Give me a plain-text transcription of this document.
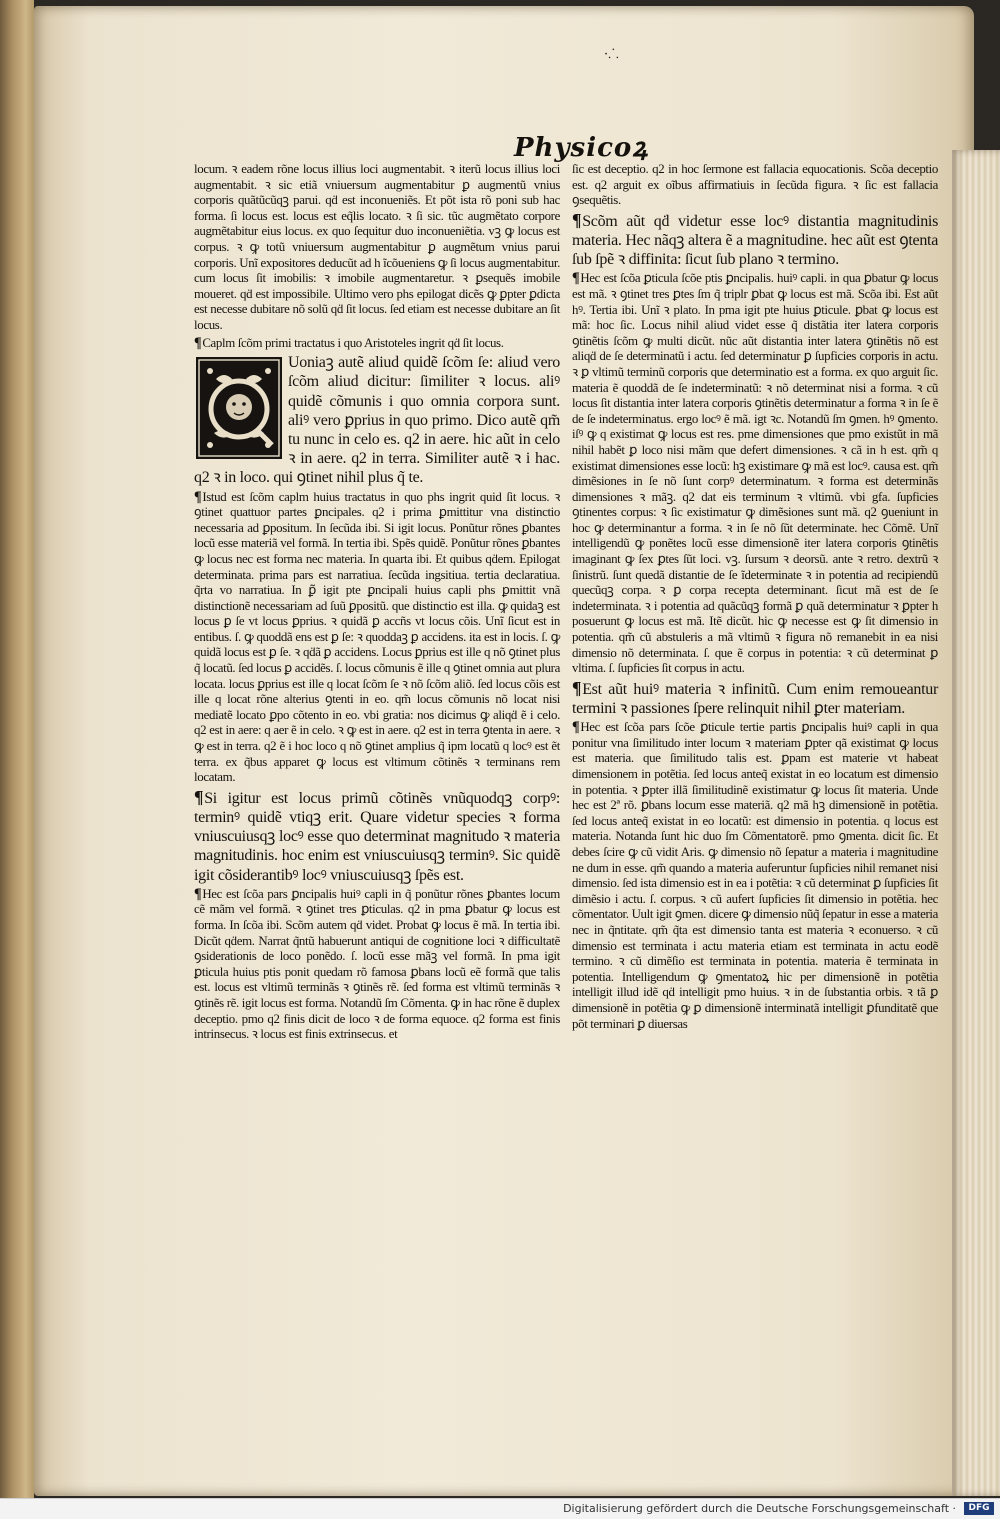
·⸫
Physicoꝝ

locum. ꝛ eadem rõne locus illius loci augmentabit. ꝛ iterũ locus illius loci augmentabit. ꝛ sic etiã vniuersum augmentabitur ꝑ augmentũ vnius corporis quãtũcũqꝫ parui. qḋ est inconueniẽs. Et põt ista rõ poni sub hac forma. ſi locus est. locus est eq̃lis locato. ꝛ ſi sic. tũc augmẽtato corpore augmẽtabitur eius locus. ex quo ſequitur duo inconueniẽtia. vꝫ ꝙ locus est corpus. ꝛ ꝙ totũ vniuersum augmentabitur ꝑ augmẽtum vnius parui corporis. Unĩ expositores deducũt ad h ĩcõueniens ꝙ ſi locus augmentabitur. cum locus ſit imobilis: ꝛ imobile augmentaretur. ꝛ ꝑsequẽs imobile moueret. qḋ est impossibile. Ultimo vero phs epilogat dicẽs ꝙ ꝑpter ꝑdicta est necesse dubitare nõ solũ qḋ ſit locus. ſed etiam est necesse dubitare an ſit locus.

¶Caplm ſcõm primi tractatus i quo Aristoteles ingrit qḋ ſit locus.

Uoniaꝫ autẽ aliud quidẽ ſcõm ſe: aliud vero ſcõm aliud dicitur: ſimiliter ꝛ locus. aliꝰ quidẽ cõmunis i quo omnia corpora sunt. aliꝰ vero ꝑprius in quo primo. Dico autẽ qm̃ tu nunc in celo es. q2 in aere. hic aũt in celo ꝛ in aere. q2 in terra. Similiter autẽ ꝛ i hac. q2 ꝛ in loco. qui ꝯtinet nihil plus q̃ te.

¶Istud est ſcõm caplm huius tractatus in quo phs ingrit quid ſit locus. ꝛ ꝯtinet quattuor partes ꝑncipales. q2 i prima ꝑmittitur vna distinctio necessaria ad ꝑpositum. In ſecũda ibi. Si igit locus. Ponũtur rõnes ꝑbantes locũ esse materiã vel formã. In tertia ibi. Spẽs quidẽ. Ponũtur rõnes ꝑbantes ꝙ locus nec est forma nec materia. In quarta ibi. Et quibus qḋem. Epilogat determinata. prima pars est narratiua. ſecũda ingsitiua. tertia declaratiua. q̃rta vo narratiua. In ꝑ̃ igit pte ꝑncipali huius capli phs ꝑmittit vnã distinctionẽ necessariam ad ſuũ ꝑpositũ. que distinctio est illa. ꝙ quidaꝫ est locus ꝑ ſe vt locus ꝑprius. ꝛ quidã ꝑ accñs vt locus cõis. Unĩ ſicut est in entibus. ſ. ꝙ quoddã ens est ꝑ ſe: ꝛ quoddaꝫ ꝑ accidens. ita est in locis. ſ. ꝙ quidã locus est ꝑ ſe. ꝛ qḋã ꝑ accidens. Locus ꝑprius est ille q nõ ꝯtinet plus q̃ locatũ. ſed locus ꝑ accidẽs. ſ. locus cõmunis ẽ ille q ꝯtinet omnia aut plura locata. locus ꝑprius est ille q locat ſcõm ſe ꝛ nõ ſcõm aliõ. ſed locus cõis est ille q locat rõne alterius ꝯtenti in eo. qm̃ locus cõmunis nõ locat nisi mediatẽ locato ꝑpo cõtento in eo. vbi gratia: nos dicimus ꝙ aliqḋ ẽ i celo. q2 est in aere: q aer ẽ in celo. ꝛ ꝙ est in aere. q2 est in terra ꝯtenta in aere. ꝛ ꝙ est in terra. q2 ẽ i hoc loco q nõ ꝯtinet amplius q̃ ipm locatũ q locꝰ est ẽt terra. ex q̃bus apparet ꝙ locus est vltimum cõtinẽs ꝛ terminans rem locatam.

¶Si igitur est locus primũ cõtinẽs vnũquodqꝫ corpꝰ: terminꝰ quidẽ vtiqꝫ erit. Quare videtur species ꝛ forma vniuscuiusqꝫ locꝰ esse quo determinat magnitudo ꝛ materia magnitudinis. hoc enim est vniuscuiusqꝫ terminꝰ. Sic quidẽ igit cõsiderantibꝰ locꝰ vniuscuiusqꝫ ſpẽs est.

¶Hec est ſcõa pars ꝑncipalis huiꝰ capli in q̃ ponũtur rõnes ꝑbantes locum cẽ mãm vel formã. ꝛ ꝯtinet tres ꝑticulas. q2 in pma ꝑbatur ꝙ locus est forma. In ſcõa ibi. Scõm autem qḋ videt. Probat ꝙ locus ẽ mã. In tertia ibi. Dicũt qḋem. Narrat q̃ntũ habuerunt antiqui de cognitione loci ꝛ difficultatẽ ꝯsiderationis de loco ponẽdo. ſ. locũ esse mãꝫ vel formã. In pma igit ꝑticula huius ptis ponit quedam rõ famosa ꝑbans locũ eẽ formã que talis est. locus est vltimũ terminãs ꝛ ꝯtinẽs rẽ. ſed forma est vltimũ terminãs ꝛ ꝯtinẽs rẽ. igit locus est forma. Notandũ ſm Cõmenta. ꝙ in hac rõne ẽ duplex deceptio. pmo q2 finis dicit de loco ꝛ de forma equoce. q2 forma est finis intrinsecus. ꝛ locus est finis extrinsecus. et

ſic est deceptio. q2 in hoc ſermone est fallacia equocationis. Scõa deceptio est. q2 arguit ex oĩbus affirmatiuis in ſecũda figura. ꝛ ſic est fallacia ꝯsequẽtis.

¶Scõm aũt qḋ videtur esse locꝰ distantia magnitudinis materia. Hec nãqꝫ altera ẽ a magnitudine. hec aũt est ꝯtenta ſub ſpẽ ꝛ diffinita: ſicut ſub plano ꝛ termino.

¶Hec est ſcõa ꝑticula ſcõe ptis ꝑncipalis. huiꝰ capli. in qua ꝑbatur ꝙ locus est mã. ꝛ ꝯtinet tres ꝑtes ſm q̃ triplr ꝑbat ꝙ locus est mã. Scõa ibi. Est aũt hꝰ. Tertia ibi. Unĩ ꝛ plato. In pma igit pte huius ꝑticule. ꝑbat ꝙ locus est mã: hoc ſic. Locus nihil aliud videt esse q̃ distãtia iter latera corporis ꝯtinẽtis ſcõm ꝙ multi dicũt. nũc aũt distantia inter latera ꝯtinẽtis nõ est aliqḋ de ſe determinatũ i actu. ſed determinatur ꝑ ſupficies corporis in actu. ꝛ ꝑ vltimũ terminũ corporis que determinatio est a forma. ex quo arguit ſic. materia ẽ quoddã de ſe indeterminatũ: ꝛ nõ determinat nisi a forma. ꝛ cũ locus ſit distantia inter latera corporis ꝯtinẽtis determinatur a forma ꝛ in ſe ẽ de ſe indeterminatus. ergo locꝰ ẽ mã. igt ꝛc. Notandũ ſm ꝯmen. hꝰ ꝯmento. iſꝰ ꝙ q existimat ꝙ locus est res. pme dimensiones que pmo existũt in mã nihil habẽt ꝑ loco nisi mãm que defert dimensiones. ꝛ cã in h est. qm̃ q existimat dimensiones esse locũ: hꝫ existimare ꝙ mã est locꝰ. causa est. qm̃ dimẽsiones in ſe nõ ſunt corpꝰ determinatum. ꝛ forma est determinãs dimensiones ꝛ mãꝫ. q2 dat eis terminum ꝛ vltimũ. vbi gfa. ſupficies ꝯtinentes corpus: ꝛ ſic existimatur ꝙ dimẽsiones sunt mã. q2 ꝯueniunt in hoc ꝙ determinantur a forma. ꝛ in ſe nõ ſũt determinate. hec Cõmẽ. Unĩ intelligendũ ꝙ ponẽtes locũ esse dimensionẽ iter latera corporis ꝯtinẽtis imaginant ꝙ ſex ꝑtes ſũt loci. vꝫ. ſursum ꝛ deorsũ. ante ꝛ retro. dextrũ ꝛ ſinistrũ. ſunt quedã distantie de ſe ĩdeterminate ꝛ in potentia ad recipiendũ quecũqꝫ corpa. ꝛ ꝑ corpa recepta determinant. ſicut mã est de ſe indeterminata. ꝛ i potentia ad quãcũqꝫ formã ꝑ quã determinatur ꝛ ꝑpter h posuerunt ꝙ locus est mã. Itẽ dicũt. hic ꝙ necesse est ꝙ ſit dimensio in potentia. qm̃ cũ abstuleris a mã vltimũ ꝛ figura nõ remanebit in ea nisi dimensio nõ determinata. ſ. que ẽ corpus in potentia: ꝛ cũ determinat ꝑ vltima. ſ. ſupficies ſit corpus in actu.

¶Est aũt huiꝰ materia ꝛ infinitũ. Cum enim remoueantur termini ꝛ passiones ſpere relinquit nihil ꝑter materiam.

¶Hec est ſcõa pars ſcõe ꝑticule tertie partis ꝑncipalis huiꝰ capli in qua ponitur vna ſimilitudo inter locum ꝛ materiam ꝑpter qã existimat ꝙ locus est materia. que ſimilitudo talis est. ꝑpam est materie vt habeat dimensionem in potẽtia. ſed locus anteq̃ existat in eo locatum est dimensio in potentia. ꝛ ꝑpter illã ſimilitudinẽ existimatur ꝙ locus ſit materia. Unde hec est 2ª rõ. ꝑbans locum esse materiã. q2 mã hꝫ dimensionẽ in potẽtia. ſed locus anteq̃ existat in eo locatũ: est dimensio in potentia. q locus est materia. Notanda ſunt hic duo ſm Cõmentatorẽ. pmo ꝯmenta. dicit ſic. Et debes ſcire ꝙ cũ vidit Aris. ꝙ dimensio nõ ſepatur a materia i magnitudine ne dum in esse. qm̃ quando a materia auferuntur ſupficies nihil remanet nisi dimensio. ſed ista dimensio est in ea i potẽtia: ꝛ cũ determinat ꝑ ſupficies ſit dimẽsio i actu. ſ. corpus. ꝛ cũ aufert ſupficies ſit dimensio in potẽtia. hec cõmentator. Uult igit ꝯmen. dicere ꝙ dimensio nũq̃ ſepatur in esse a materia nec in q̃ntitate. qm̃ q̃ta est dimensio tanta est materia ꝛ econuerso. ꝛ cũ dimensio est terminata i actu materia etiam est terminata in actu eodẽ termino. ꝛ cũ dimẽſio est terminata in potentia. materia ẽ terminata in potentia. Intelligendum ꝙ ꝯmentatoꝝ hic per dimensionẽ in potẽtia intelligit illud idẽ qḋ intelligit pmo huius. ꝛ in de ſubstantia orbis. ꝛ tã ꝑ dimensionẽ in potẽtia ꝙ ꝑ dimensionẽ interminatã intelligit ꝑfunditatẽ que põt terminari ꝑ diuersas

Digitalisierung gefördert durch die Deutsche Forschungsgemeinschaft ·	DFG
